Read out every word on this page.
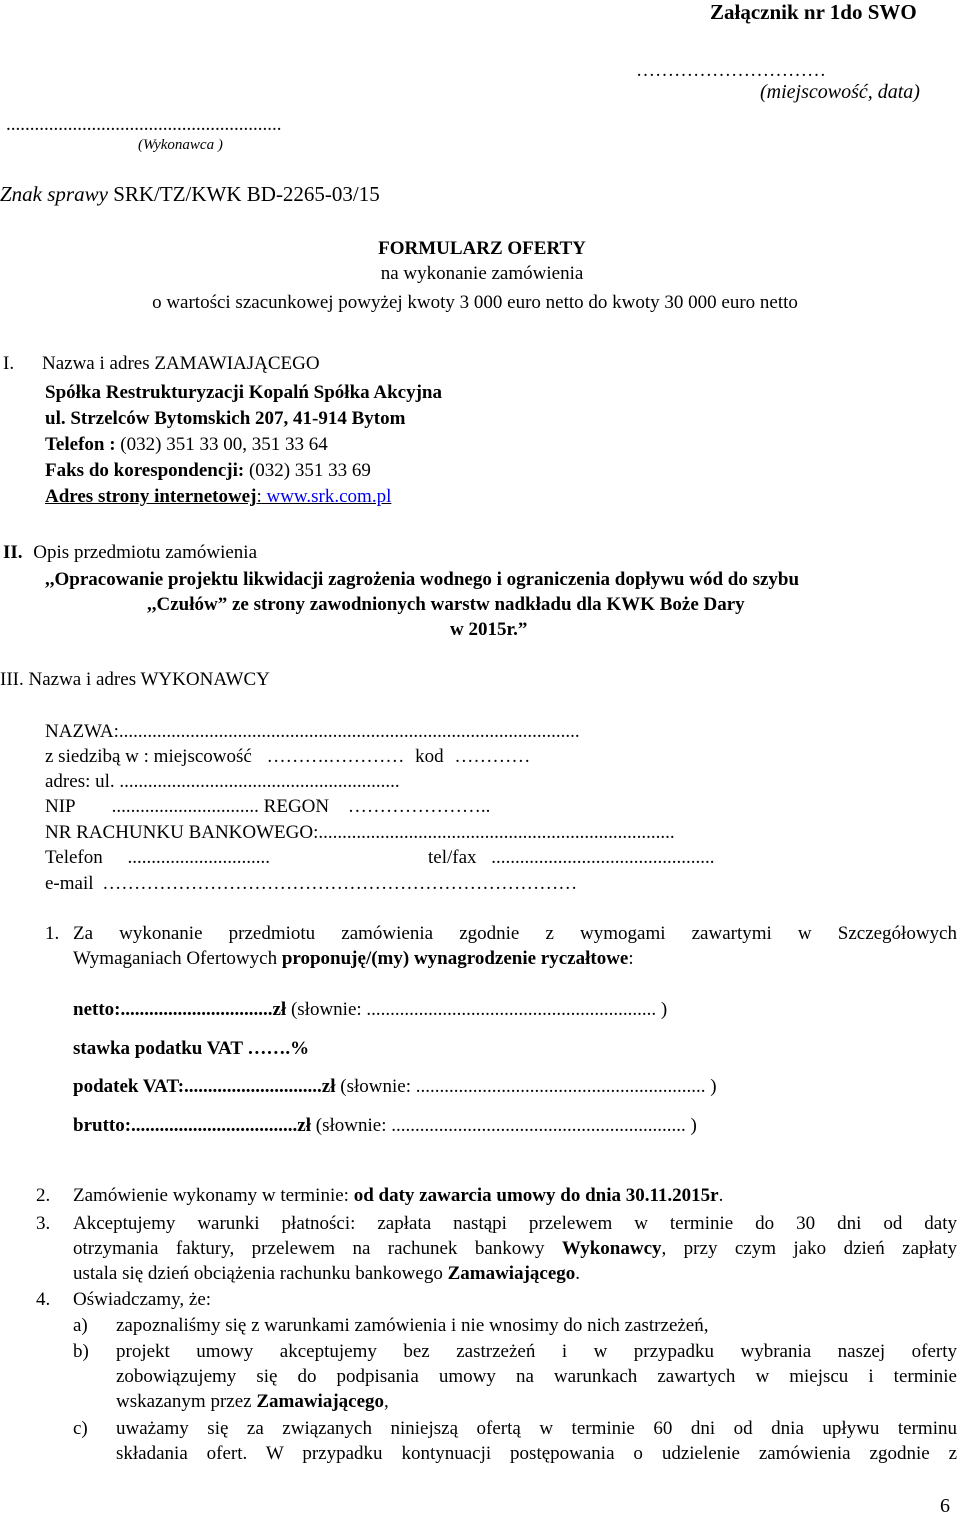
Załącznik nr 1do SWO
…………………………
(miejscowość, data)
..........................................................
(Wykonawca )
Znak sprawy SRK/TZ/KWK BD-2265-03/15
FORMULARZ OFERTY
na wykonanie zamówienia
o wartości szacunkowej powyżej kwoty 3 000 euro netto do kwoty 30 000 euro netto
I. Nazwa i adres ZAMAWIAJĄCEGO
Spółka Restrukturyzacji Kopalń Spółka Akcyjna
ul. Strzelców Bytomskich 207, 41-914 Bytom
Telefon : (032) 351 33 00, 351 33 64
Faks do korespondencji: (032) 351 33 69
Adres strony internetowej: www.srk.com.pl
II. Opis przedmiotu zamówienia
,,Opracowanie projektu likwidacji zagrożenia wodnego i ograniczenia dopływu wód do szybu
,,Czułów” ze strony zawodnionych warstw nadkładu dla KWK Boże Dary
w 2015r.”
III. Nazwa i adres WYKONAWCY
NAZWA:.................................................................................................
z siedzibą w : miejscowość ……….………… kod …………
adres: ul. ...........................................................
NIP ............................... REGON …………………..
NR RACHUNKU BANKOWEGO:...........................................................................
Telefon ..............................	tel/fax ...............................................
e-mail …………………………………………………………………
1. Za wykonanie przedmiotu zamówienia zgodnie z wymogami zawartymi w Szczegółowych
Wymaganiach Ofertowych proponuję/(my) wynagrodzenie ryczałtowe:
netto:................................zł (słownie: ............................................................. )
stawka podatku VAT …….%
podatek VAT:.............................zł (słownie: ............................................................. )
brutto:...................................zł (słownie: .............................................................. )
2. Zamówienie wykonamy w terminie: od daty zawarcia umowy do dnia 30.11.2015r.
3. Akceptujemy warunki płatności: zapłata nastąpi przelewem w terminie do 30 dni od daty
otrzymania faktury, przelewem na rachunek bankowy Wykonawcy, przy czym jako dzień zapłaty
ustala się dzień obciążenia rachunku bankowego Zamawiającego.
4. Oświadczamy, że:
a) zapoznaliśmy się z warunkami zamówienia i nie wnosimy do nich zastrzeżeń,
b) projekt umowy akceptujemy bez zastrzeżeń i w przypadku wybrania naszej oferty
zobowiązujemy się do podpisania umowy na warunkach zawartych w miejscu i terminie
wskazanym przez Zamawiającego,
c) uważamy się za związanych niniejszą ofertą w terminie 60 dni od dnia upływu terminu
składania ofert. W przypadku kontynuacji postępowania o udzielenie zamówienia zgodnie z
6
